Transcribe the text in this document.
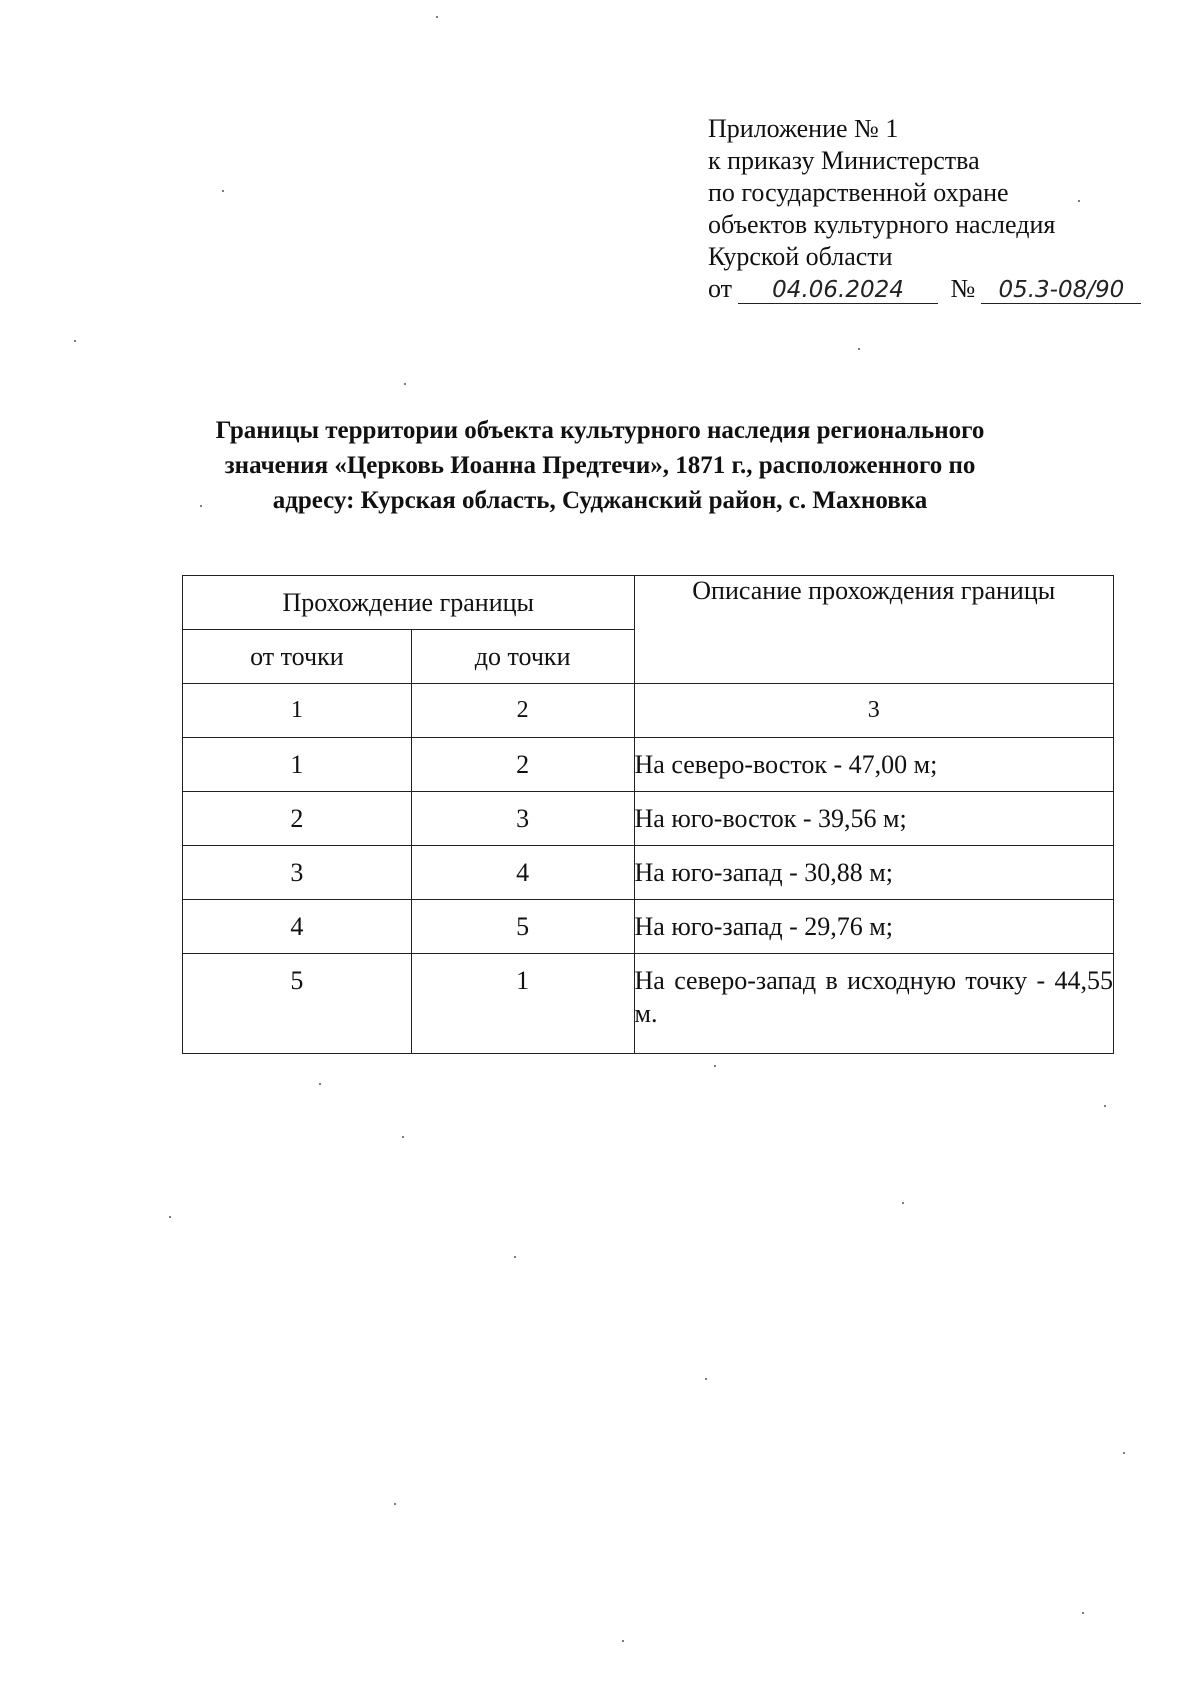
Приложение № 1
к приказу Министерства
по государственной охране
объектов культурного наследия
Курской области
от 04.06.2024 № 05.3-08/90
Границы территории объекта культурного наследия регионального
значения «Церковь Иоанна Предтечи», 1871 г., расположенного по
адресу: Курская область, Суджанский район, с. Махновка
Прохождение границы		Описание прохождения границы
от точки	до точки	
1	2	3
1	2	На северо-восток - 47,00 м;
2	3	На юго-восток - 39,56 м;
3	4	На юго-запад - 30,88 м;
4	5	На юго-запад - 29,76 м;
5	1	На северо-запад в исходную точку - 44,55 м.
